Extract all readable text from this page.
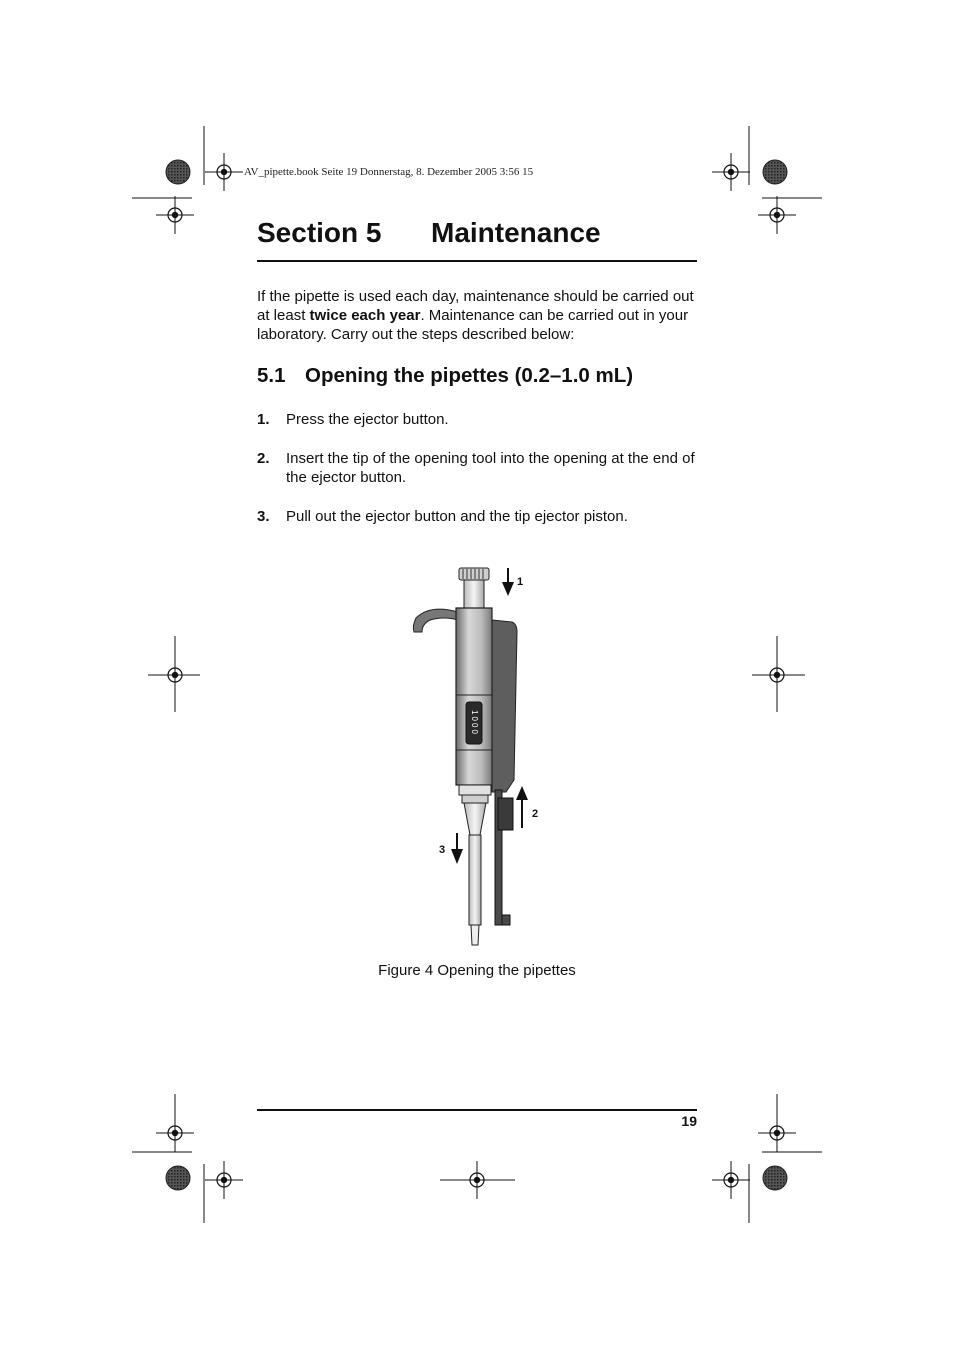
AV_pipette.book Seite 19 Donnerstag, 8. Dezember 2005 3:56 15
Section 5 Maintenance

If the pipette is used each day, maintenance should be carried out at least twice each year. Maintenance can be carried out in your laboratory. Carry out the steps described below:

5.1 Opening the pipettes (0.2–1.0 mL)
1.	Press the ejector button.
2.	Insert the tip of the opening tool into the opening at the end of the ejector button.
3.	Pull out the ejector button and the tip ejector piston.
1000
1
2
3
Figure 4 Opening the pipettes
19
